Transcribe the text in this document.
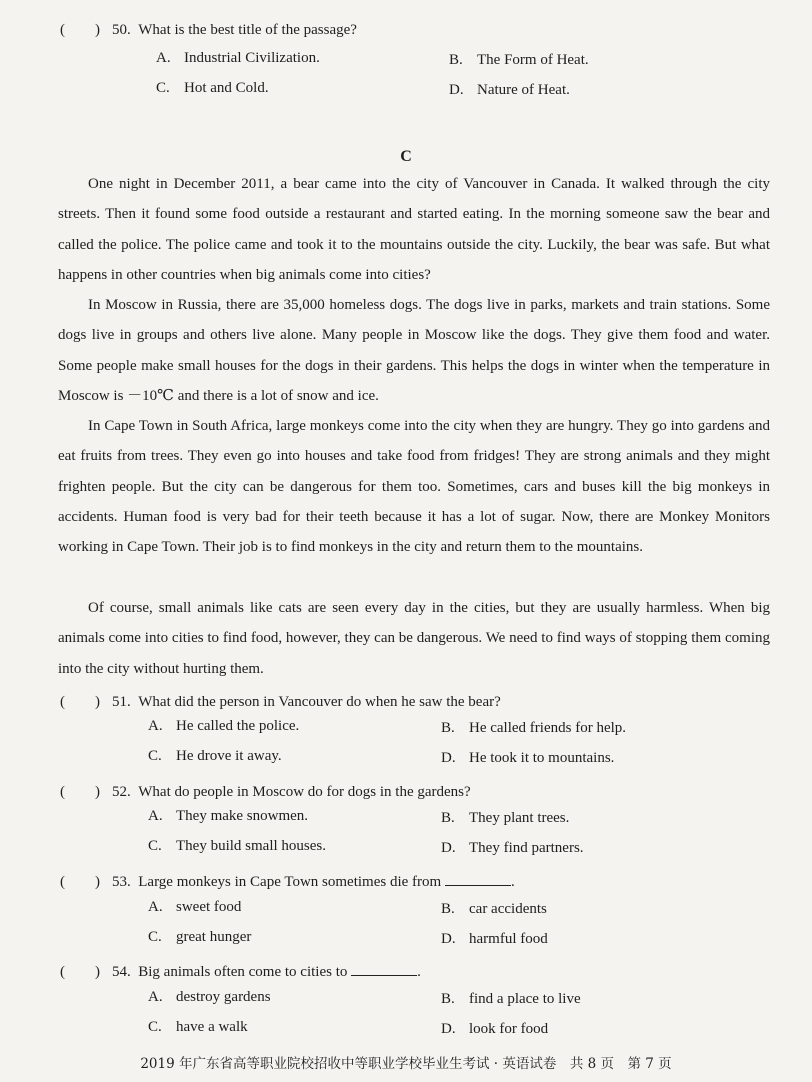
(　　) 50. What is the best title of the passage?
A. Industrial Civilization.	B. The Form of Heat.
C. Hot and Cold.	D. Nature of Heat.
C

One night in December 2011, a bear came into the city of Vancouver in Canada. It walked through the city streets. Then it found some food outside a restaurant and started eating. In the morning someone saw the bear and called the police. The police came and took it to the mountains outside the city. Luckily, the bear was safe. But what happens in other countries when big animals come into cities?

In Moscow in Russia, there are 35,000 homeless dogs. The dogs live in parks, markets and train stations. Some dogs live in groups and others live alone. Many people in Moscow like the dogs. They give them food and water. Some people make small houses for the dogs in their gardens. This helps the dogs in winter when the temperature in Moscow is －10℃ and there is a lot of snow and ice.

In Cape Town in South Africa, large monkeys come into the city when they are hungry. They go into gardens and eat fruits from trees. They even go into houses and take food from fridges! They are strong animals and they might frighten people. But the city can be dangerous for them too. Sometimes, cars and buses kill the big monkeys in accidents. Human food is very bad for their teeth because it has a lot of sugar. Now, there are Monkey Monitors working in Cape Town. Their job is to find monkeys in the city and return them to the mountains.

Of course, small animals like cats are seen every day in the cities, but they are usually harmless. When big animals come into cities to find food, however, they can be dangerous. We need to find ways of stopping them coming into the city without hurting them.

(　　) 51. What did the person in Vancouver do when he saw the bear?
A. He called the police.	B. He called friends for help.
C. He drove it away.	D. He took it to mountains.
(　　) 52. What do people in Moscow do for dogs in the gardens?
A. They make snowmen.	B. They plant trees.
C. They build small houses.	D. They find partners.
(　　) 53. Large monkeys in Cape Town sometimes die from	.
A. sweet food	B. car accidents
C. great hunger	D. harmful food
(　　) 54. Big animals often come to cities to	.
A. destroy gardens	B. find a place to live
C. have a walk	D. look for food
2019 年广东省高等职业院校招收中等职业学校毕业生考试 · 英语试卷　共 8 页　第 7 页
